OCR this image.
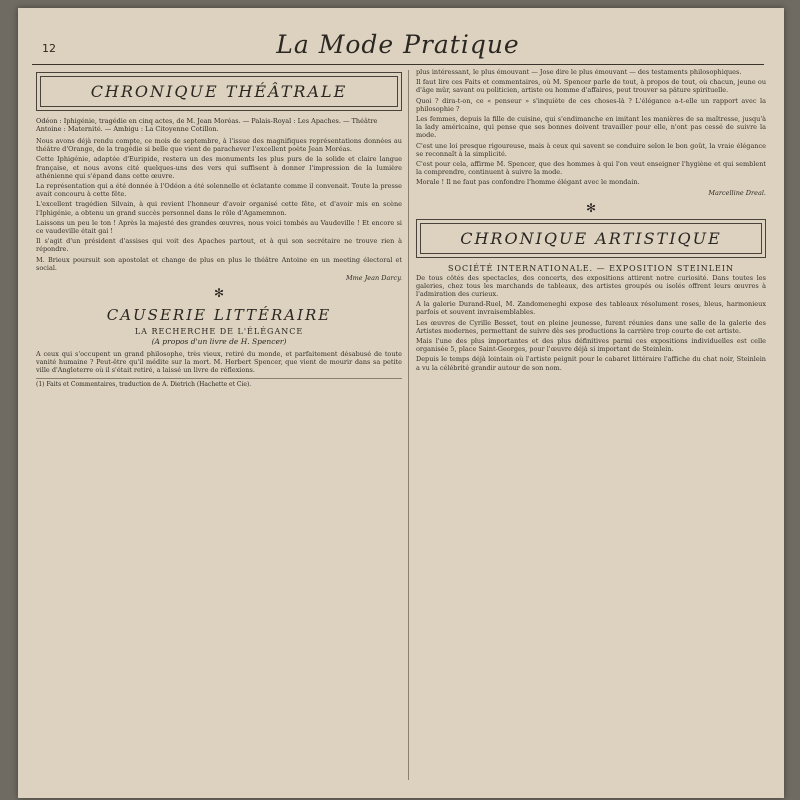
12	La Mode Pratique
CHRONIQUE THÉÂTRALE

Odéon : Iphigénie, tragédie en cinq actes, de M. Jean Moréas. — Palais-Royal : Les Apaches. — Théâtre Antoine : Maternité. — Ambigu : La Citoyenne Cotillon.

Nous avons déjà rendu compte, ce mois de septembre, à l'issue des magnifiques représentations données au théâtre d'Orange, de la tragédie si belle que vient de parachever l'excellent poète Jean Moréas.

Cette Iphigénie, adaptée d'Euripide, restera un des monuments les plus purs de la solide et claire langue française, et nous avons cité quelques-uns des vers qui suffisent à donner l'impression de la lumière athénienne qui s'épand dans cette œuvre.

La représentation qui a été donnée à l'Odéon a été solennelle et éclatante comme il convenait. Toute la presse avait concouru à cette fête.

L'excellent tragédien Silvain, à qui revient l'honneur d'avoir organisé cette fête, et d'avoir mis en scène l'Iphigénie, a obtenu un grand succès personnel dans le rôle d'Agamemnon.

Laissons un peu le ton ! Après la majesté des grandes œuvres, nous voici tombés au Vaudeville ! Et encore si ce vaudeville était gai !

Il s'agit d'un président d'assises qui voit des Apaches partout, et à qui son secrétaire ne trouve rien à répondre.

M. Brieux poursuit son apostolat et change de plus en plus le théâtre Antoine en un meeting électoral et social.

Mme Jean Darcy.

✻
CAUSERIE LITTÉRAIRE
LA RECHERCHE DE L'ÉLÉGANCE
(A propos d'un livre de H. Spencer)

A ceux qui s'occupent un grand philosophe, très vieux, retiré du monde, et parfaitement désabusé de toute vanité humaine ? Peut-être qu'il médite sur la mort. M. Herbert Spencer, que vient de mourir dans sa petite ville d'Angleterre où il s'était retiré, a laissé un livre de réflexions.

(1) Faits et Commentaires, traduction de A. Dietrich (Hachette et Cie).

plus intéressant, le plus émouvant — Jose dire le plus émouvant — des testaments philosophiques.

Il faut lire ces Faits et commentaires, où M. Spencer parle de tout, à propos de tout, où chacun, jeune ou d'âge mûr, savant ou politicien, artiste ou homme d'affaires, peut trouver sa pâture spirituelle.

Quoi ? dira-t-on, ce « penseur » s'inquiète de ces choses-là ? L'élégance a-t-elle un rapport avec la philosophie ?

Les femmes, depuis la fille de cuisine, qui s'endimanche en imitant les manières de sa maîtresse, jusqu'à la lady américaine, qui pense que ses bonnes doivent travailler pour elle, n'ont pas cessé de suivre la mode.

C'est une loi presque rigoureuse, mais à ceux qui savent se conduire selon le bon goût, la vraie élégance se reconnaît à la simplicité.

C'est pour cela, affirme M. Spencer, que des hommes à qui l'on veut enseigner l'hygiène et qui semblent la comprendre, continuent à suivre la mode.

Morale ! Il ne faut pas confondre l'homme élégant avec le mondain.

Marcelline Dreal.

✻
CHRONIQUE ARTISTIQUE
SOCIÉTÉ INTERNATIONALE. — EXPOSITION STEINLEIN

De tous côtés des spectacles, des concerts, des expositions attirent notre curiosité. Dans toutes les galeries, chez tous les marchands de tableaux, des artistes groupés ou isolés offrent leurs œuvres à l'admiration des curieux.

A la galerie Durand-Ruel, M. Zandomeneghi expose des tableaux résolument roses, bleus, harmonieux parfois et souvent invraisemblables.

Les œuvres de Cyrille Besset, tout en pleine jeunesse, furent réunies dans une salle de la galerie des Artistes modernes, permettant de suivre dès ses productions la carrière trop courte de cet artiste.

Mais l'une des plus importantes et des plus définitives parmi ces expositions individuelles est celle organisée 5, place Saint-Georges, pour l'œuvre déjà si important de Steinlein.

Depuis le temps déjà lointain où l'artiste peignit pour le cabaret littéraire l'affiche du chat noir, Steinlein a vu la célébrité grandir autour de son nom.
